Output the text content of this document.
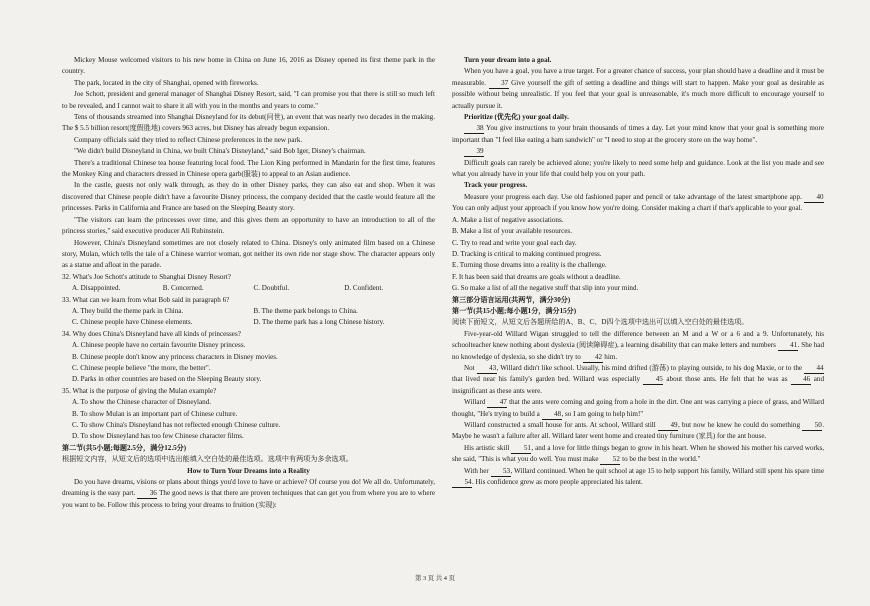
Mickey Mouse welcomed visitors to his new home in China on June 16, 2016 as Disney opened its first theme park in the country.

The park, located in the city of Shanghai, opened with fireworks.

Joe Schott, president and general manager of Shanghai Disney Resort, said, "I can promise you that there is still so much left to be revealed, and I cannot wait to share it all with you in the months and years to come."

Tens of thousands streamed into Shanghai Disneyland for its debut(问世), an event that was nearly two decades in the making. The $ 5.5 billion resort(度假胜地) covers 963 acres, but Disney has already begun expansion.

Company officials said they tried to reflect Chinese preferences in the new park.

"We didn't build Disneyland in China, we built China's Disneyland," said Bob Iger, Disney's chairman.

There's a traditional Chinese tea house featuring local food. The Lion King performed in Mandarin for the first time, features the Monkey King and characters dressed in Chinese opera garb(服装) to appeal to an Asian audience.

In the castle, guests not only walk through, as they do in other Disney parks, they can also eat and shop. When it was discovered that Chinese people didn't have a favourite Disney princess, the company decided that the castle would feature all the princesses. Parks in California and France are based on the Sleeping Beauty story.

"The visitors can learn the princesses over time, and this gives them an opportunity to have an introduction to all of the princess stories," said executive producer Ali Rubinstein.

However, China's Disneyland sometimes are not closely related to China. Disney's only animated film based on a Chinese story, Mulan, which tells the tale of a Chinese warrior woman, got neither its own ride nor stage show. The character appears only as a statue and afloat in the parade.

32. What's Joe Schott's attitude to Shanghai Disney Resort?
A. Disappointed.	B. Concerned.	C. Doubtful.	D. Confident.
33. What can we learn from what Bob said in paragraph 6?
A. They build the theme park in China.	B. The theme park belongs to China.
C. Chinese people have Chinese elements.	D. The theme park has a long Chinese history.
34. Why does China's Disneyland have all kinds of princesses?
A. Chinese people have no certain favourite Disney princess.
B. Chinese people don't know any princess characters in Disney movies.
C. Chinese people believe "the more, the better".
D. Parks in other countries are based on the Sleeping Beauty story.
35. What is the purpose of giving the Mulan example?
A. To show the Chinese character of Disneyland.
B. To show Mulan is an important part of Chinese culture.
C. To show China's Disneyland has not reflected enough Chinese culture.
D. To show Disneyland has too few Chinese character films.

第二节(共5小题;每题2.5分，满分12.5分)

根据短文内容，从短文后的选项中选出能填入空白处的最佳选项。选项中有两项为多余选项。

How to Turn Your Dreams into a Reality

Do you have dreams, visions or plans about things you'd love to have or achieve? Of course you do! We all do. Unfortunately, dreaming is the easy part. 36 The good news is that there are proven techniques that can get you from where you are to where you want to be. Follow this process to bring your dreams to fruition (实现):

Turn your dream into a goal.

When you have a goal, you have a true target. For a greater chance of success, your plan should have a deadline and it must be measurable. 37 Give yourself the gift of setting a deadline and things will start to happen. Make your goal as desirable as possible without being unrealistic. If you feel that your goal is unreasonable, it's much more difficult to encourage yourself to actually pursue it.

Prioritize (优先化) your goal daily.

38 You give instructions to your brain thousands of times a day. Let your mind know that your goal is something more important than "I feel like eating a ham sandwich" or "I need to stop at the grocery store on the way home".

39

Difficult goals can rarely be achieved alone; you're likely to need some help and guidance. Look at the list you made and see what you already have in your life that could help you on your path.

Track your progress.

Measure your progress each day. Use old fashioned paper and pencil or take advantage of the latest smartphone app. 40 You can only adjust your approach if you know how you're doing. Consider making a chart if that's applicable to your goal.

A. Make a list of negative associations.

B. Make a list of your available resources.

C. Try to read and write your goal each day.

D. Tracking is critical to making continued progress.

E. Turning those dreams into a reality is the challenge.

F. It has been said that dreams are goals without a deadline.

G. So make a list of all the negative stuff that slip into your mind.

第三部分语言运用(共两节，满分30分)

第一节(共15小题;每小题1分，满分15分)

阅读下面短文，从短文后各题所给的A、B、C、D四个选项中选出可以填入空白处的最佳选项。

Five-year-old Willard Wigan struggled to tell the difference between an M and a W or a 6 and a 9. Unfortunately, his schoolteacher knew nothing about dyslexia (阅读障碍症), a learning disability that can make letters and numbers 41. She had no knowledge of dyslexia, so she didn't try to 42 him.

Not 43, Willard didn't like school. Usually, his mind drifted (游荡) to playing outside, to his dog Maxie, or to the 44 that lived near his family's garden bed. Willard was especially 45 about those ants. He felt that he was as 46 and insignificant as these ants were.

Willard 47 that the ants were coming and going from a hole in the dirt. One ant was carrying a piece of grass, and Willard thought, "He's trying to build a 48, so I am going to help him!"

Willard constructed a small house for ants. At school, Willard still 49, but now he knew he could do something 50. Maybe he wasn't a failure after all. Willard later went home and created tiny furniture (家具) for the ant house.

His artistic skill 51, and a love for little things began to grow in his heart. When he showed his mother his carved works, she said, "This is what you do well. You must make 52 to be the best in the world."

With her 53, Willard continued. When he quit school at age 15 to help support his family, Willard still spent his spare time 54. His confidence grew as more people appreciated his talent.

第 3 页 共 4 页
